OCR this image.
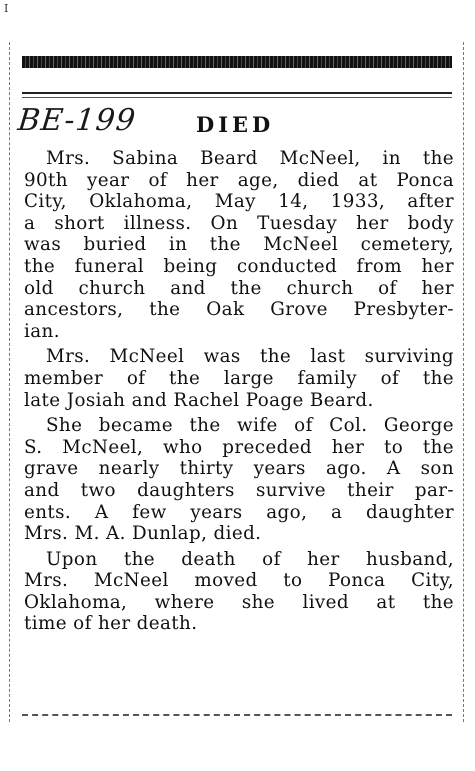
I
BE-199	DIED
Mrs. Sabina Beard McNeel, in the
90th year of her age, died at Ponca
City, Oklahoma, May 14, 1933, after
a short illness. On Tuesday her body
was buried in the McNeel cemetery,
the funeral being conducted from her
old church and the church of her
ancestors, the Oak Grove Presbyter-
ian.
Mrs. McNeel was the last surviving
member of the large family of the
late Josiah and Rachel Poage Beard.
She became the wife of Col. George
S. McNeel, who preceded her to the
grave nearly thirty years ago. A son
and two daughters survive their par-
ents. A few years ago, a daughter
Mrs. M. A. Dunlap, died.
Upon the death of her husband,
Mrs. McNeel moved to Ponca City,
Oklahoma, where she lived at the
time of her death.
